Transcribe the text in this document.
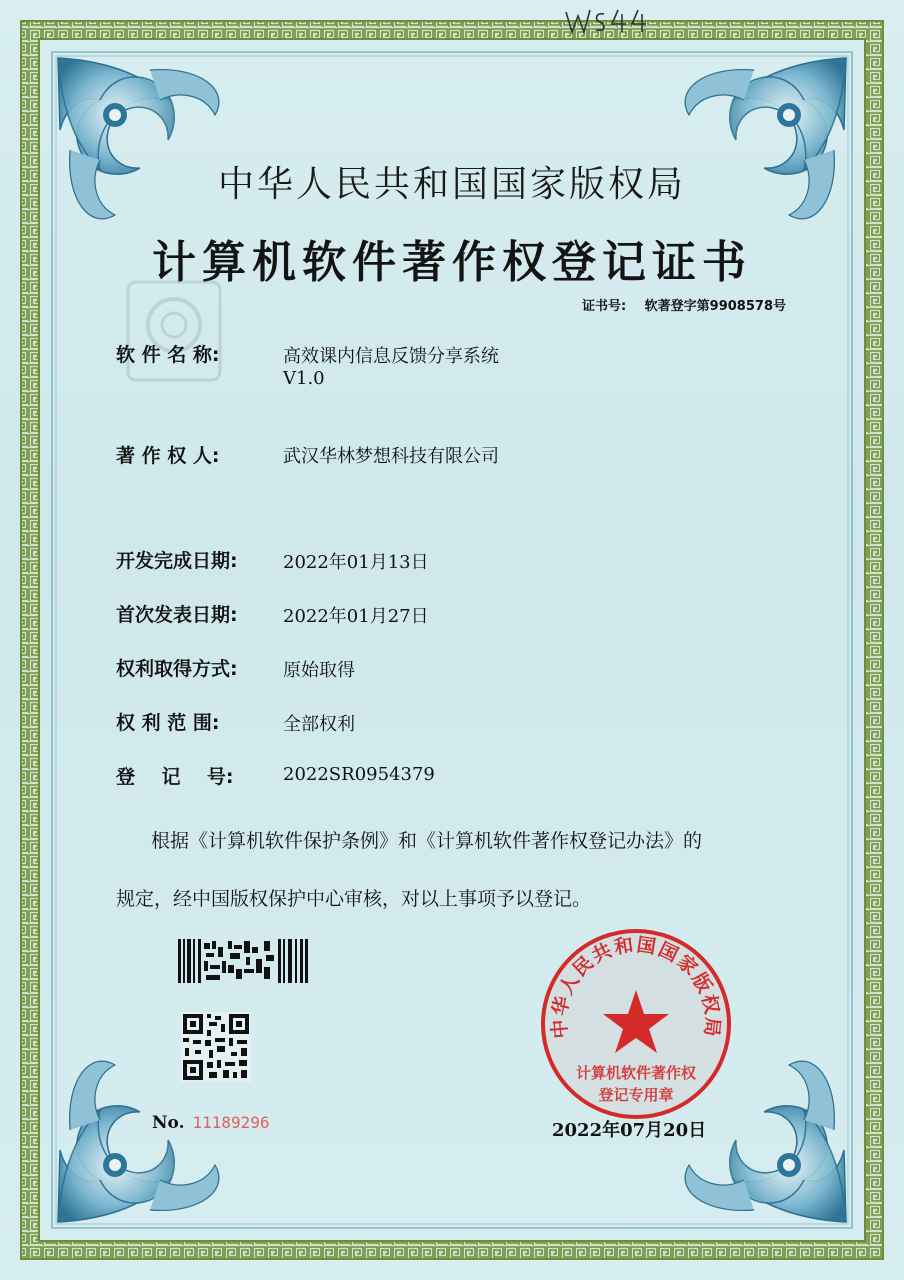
中华人民共和国国家版权局
计算机软件著作权登记证书
证书号: 软著登字第9908578号
软 件 名 称:	高效课内信息反馈分享系统
V1.0
著 作 权 人:	武汉华林梦想科技有限公司
开发完成日期:	2022年01月13日
首次发表日期:	2022年01月27日
权利取得方式:	原始取得
权 利 范 围:	全部权利
登    记    号:	2022SR0954379
根据《计算机软件保护条例》和《计算机软件著作权登记办法》的
规定，经中国版权保护中心审核，对以上事项予以登记。
No. 11189296
中华人民共和国国家版权局
计算机软件著作权
登记专用章
2022年07月20日
